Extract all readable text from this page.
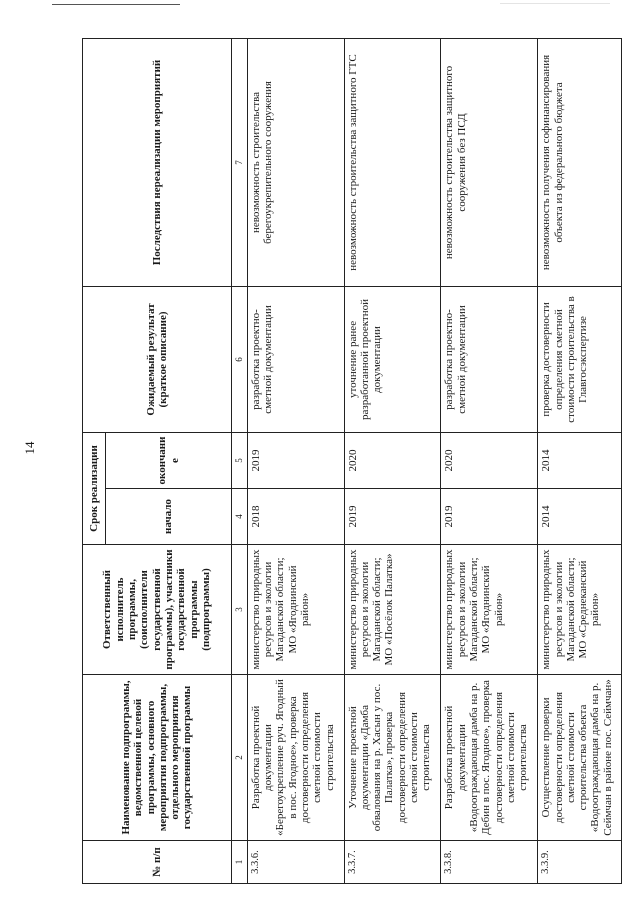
14
№ п/п	Наименование подпрограммы, ведомственной целевой программы, основного мероприятия подпрограммы, отдельного мероприятия государственной программы	Ответственный исполнитель программы, (соисполнители государственной программы), участники государственной программы (подпрограммы)	Срок реализации		Ожидаемый результат (краткое описание)	Последствия нереализации мероприятий
			начало	окончание		
1	2	3	4	5	6	7
3.3.6.	Разработка проектной документации «Берегоукрепление руч. Ягодный в пос. Ягодное», проверка достоверности определения сметной стоимости строительства	министерство природных ресурсов и экологии Магаданской области; МО «Ягоднинский район»	2018	2019	разработка проектно-сметной документации	невозможность строительства берегоукрепительного сооружения
3.3.7.	Уточнение проектной документации «Дамба обвалования на р. Хасын у пос. Палатка», проверка достоверности определения сметной стоимости строительства	министерство природных ресурсов и экологии Магаданской области; МО «Посёлок Палатка»	2019	2020	уточнение ранее разработанной проектной документации	невозможность строительства защитного ГТС
3.3.8.	Разработка проектной документации «Водоограждающая дамба на р. Дебин в пос. Ягодное», проверка достоверности определения сметной стоимости строительства	министерство природных ресурсов и экологии Магаданской области; МО «Ягоднинский район»	2019	2020	разработка проектно-сметной документации	невозможность строительства защитного сооружения без ПСД
3.3.9.	Осуществление проверки достоверности определения сметной стоимости строительства объекта «Водоограждающая дамба на р. Сеймчан в районе пос. Сеймчан»	министерство природных ресурсов и экологии Магаданской области; МО «Среднеканский район»	2014	2014	проверка достоверности определения сметной стоимости строительства в Главгосэкспертизе	невозможность получения софинансирования объекта из федерального бюджета
